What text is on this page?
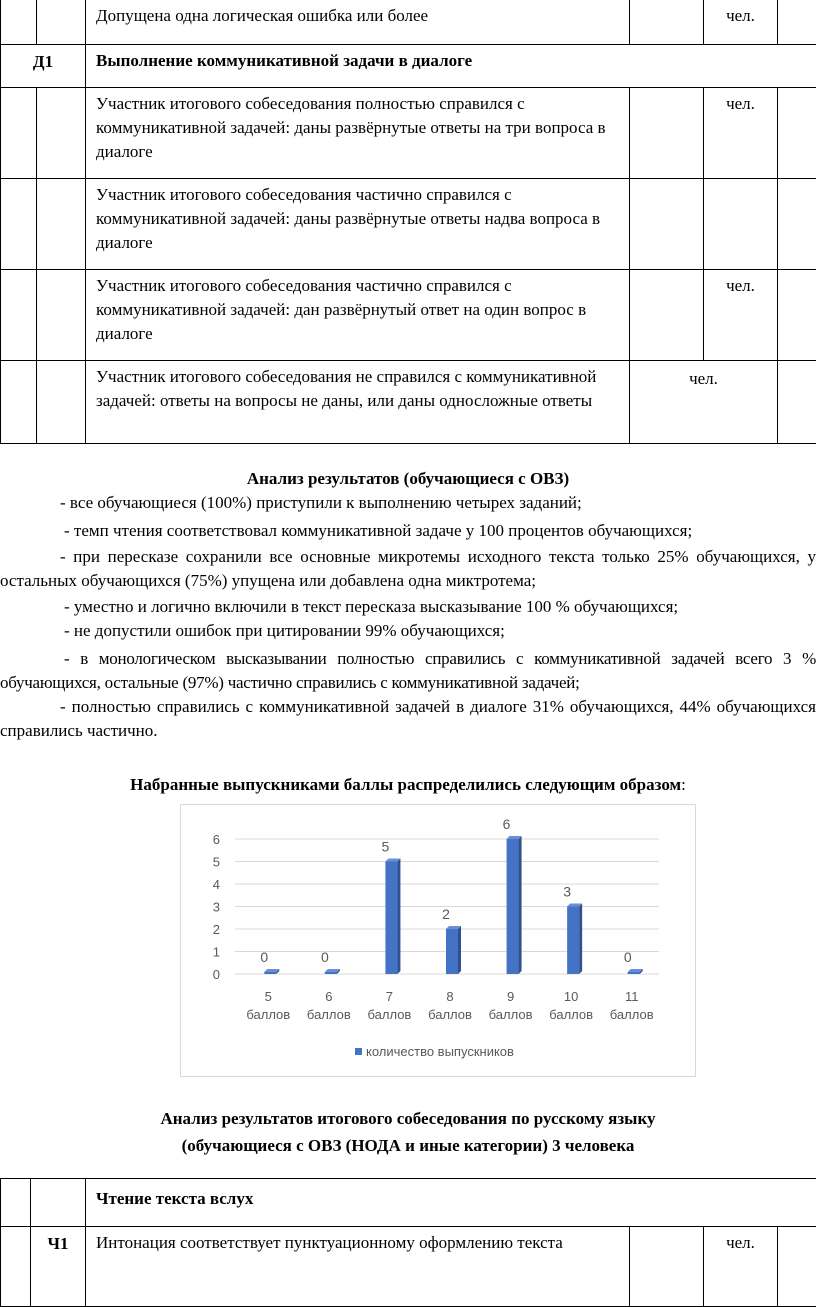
		Допущена одна логическая ошибка или более		чел.	
Д1		Выполнение коммуникативной задачи в диалоге			
		Участник итогового собеседования полностью справился с коммуникативной задачей: даны развёрнутые ответы на три вопроса в диалоге		чел.	
		Участник итогового собеседования частично справился с коммуникативной задачей: даны развёрнутые ответы надва вопроса в диалоге			
		Участник итогового собеседования частично справился с коммуникативной задачей: дан развёрнутый ответ на один вопрос в диалоге		чел.	
		Участник итогового собеседования не справился с коммуникативной задачей: ответы на вопросы не даны, или даны односложные ответы	чел.		
Анализ результатов (обучающиеся с ОВЗ)
- все обучающиеся (100%) приступили к выполнению четырех заданий;
- темп чтения соответствовал коммуникативной задаче у 100 процентов обучающихся;
- при пересказе сохранили все основные микротемы исходного текста только 25% обучающихся, у остальных обучающихся (75%) упущена или добавлена одна миктротема;
- уместно и логично включили в текст пересказа высказывание 100 % обучающихся;
- не допустили ошибок при цитировании 99% обучающихся;
- в монологическом высказывании полностью справились с коммуникативной задачей всего 3 % обучающихся, остальные (97%) частично справились с коммуникативной задачей;
- полностью справились с коммуникативной задачей в диалоге 31% обучающихся, 44% обучающихся справились частично.
Набранные выпускниками баллы распределились следующим образом:
0
1
2
3
4
5
6
0
5
баллов
0
6
баллов
5
7
баллов
2
8
баллов
6
9
баллов
3
10
баллов
0
11
баллов
количество выпускников
Анализ результатов итогового собеседования по русскому языку
(обучающиеся с ОВЗ (НОДА и иные категории) 3 человека
		Чтение текста вслух			
	Ч1	Интонация соответствует пунктуационному оформлению текста		чел.	
